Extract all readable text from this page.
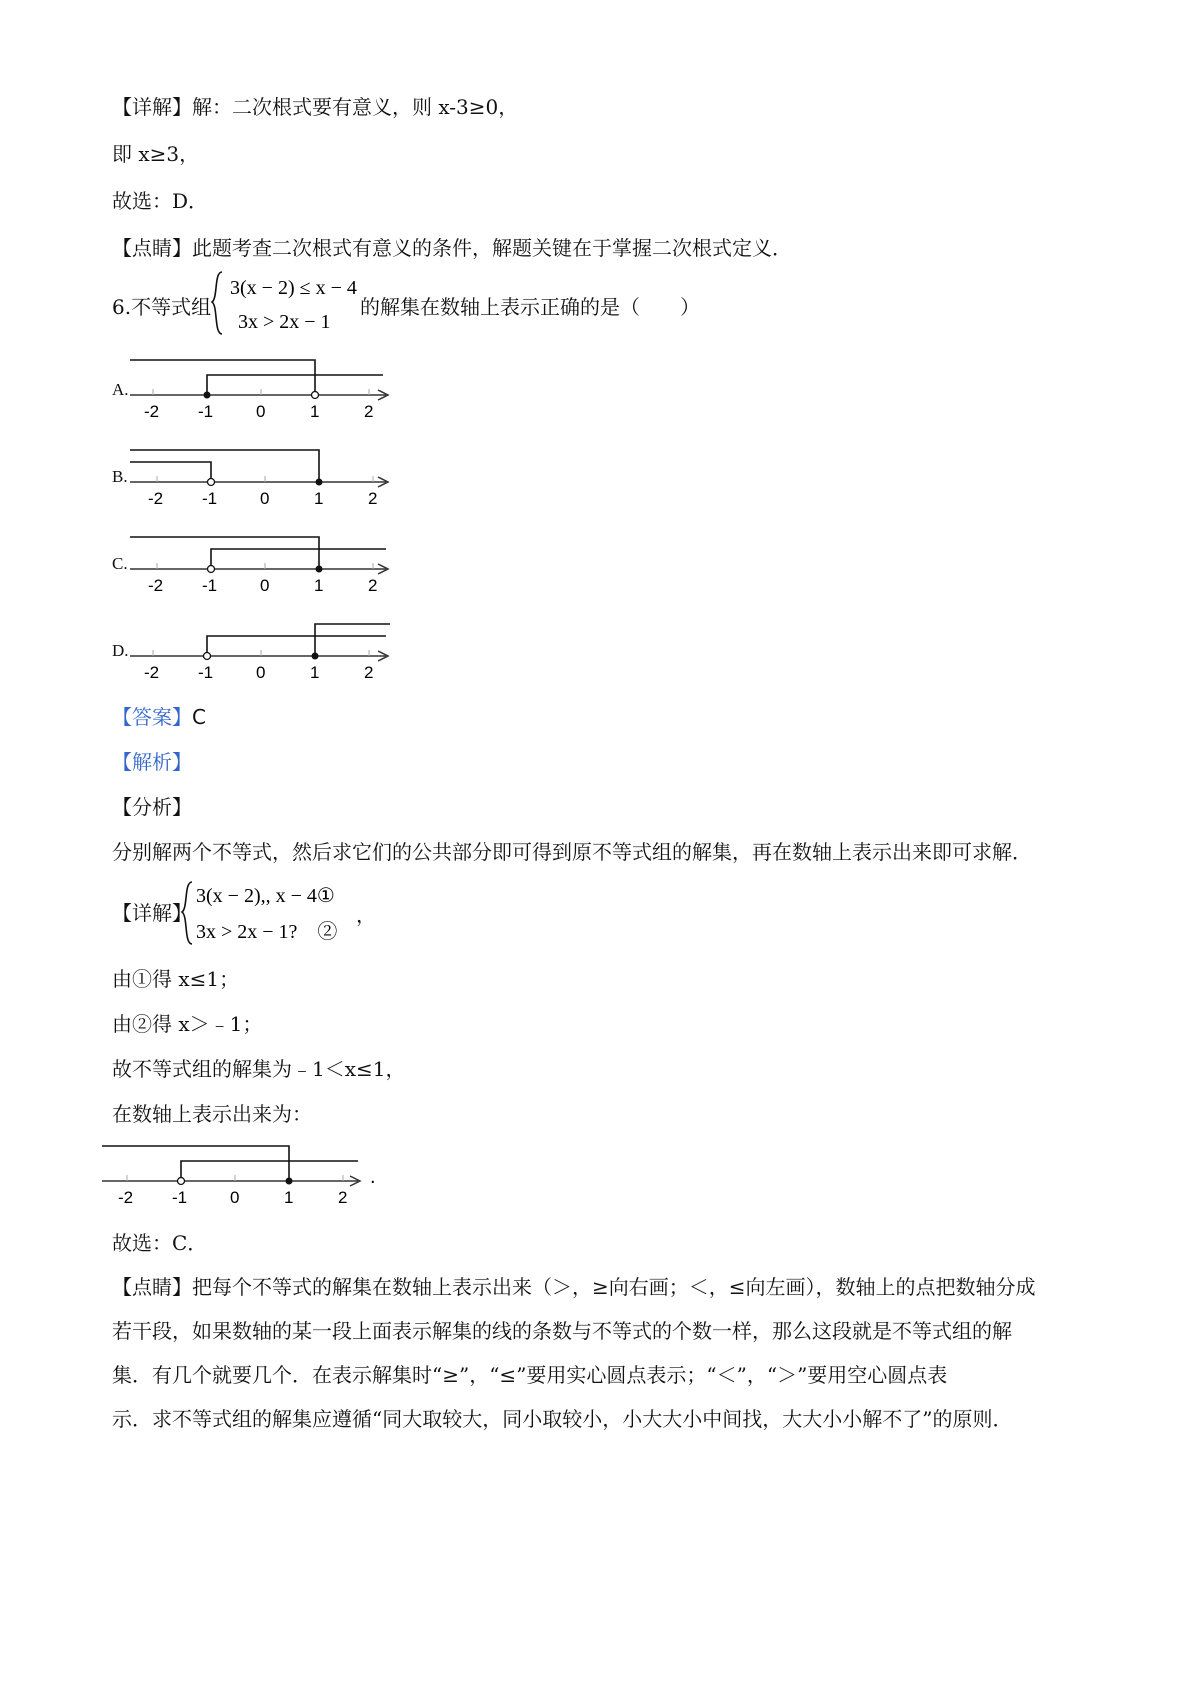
【详解】解：二次根式要有意义，则 x-3≥0，
即 x≥3，
故选：D．
【点睛】此题考查二次根式有意义的条件，解题关键在于掌握二次根式定义．
6.不等式组
3(x − 2) ≤ x − 4
3x > 2x − 1
的解集在数轴上表示正确的是（　　）
A.
-2 -1	0	1	2
B.
-2 -1	0	1	2
C.
-2 -1	0	1	2
D.
-2 -1	0	1	2
【答案】C
【解析】
【分析】
分别解两个不等式，然后求它们的公共部分即可得到原不等式组的解集，再在数轴上表示出来即可求解．
【详解】
3(x − 2),, x − 4①
3x > 2x − 1?　②
，
由①得 x≤1；
由②得 x＞﹣1；
故不等式组的解集为﹣1＜x≤1，
在数轴上表示出来为：
-2 -1	0	1	2
.
故选：C．
【点睛】把每个不等式的解集在数轴上表示出来（＞，≥向右画；＜，≤向左画），数轴上的点把数轴分成
若干段，如果数轴的某一段上面表示解集的线的条数与不等式的个数一样，那么这段就是不等式组的解
集．有几个就要几个．在表示解集时“≥”，“≤”要用实心圆点表示；“＜”，“＞”要用空心圆点表
示．求不等式组的解集应遵循“同大取较大，同小取较小，小大大小中间找，大大小小解不了”的原则．
